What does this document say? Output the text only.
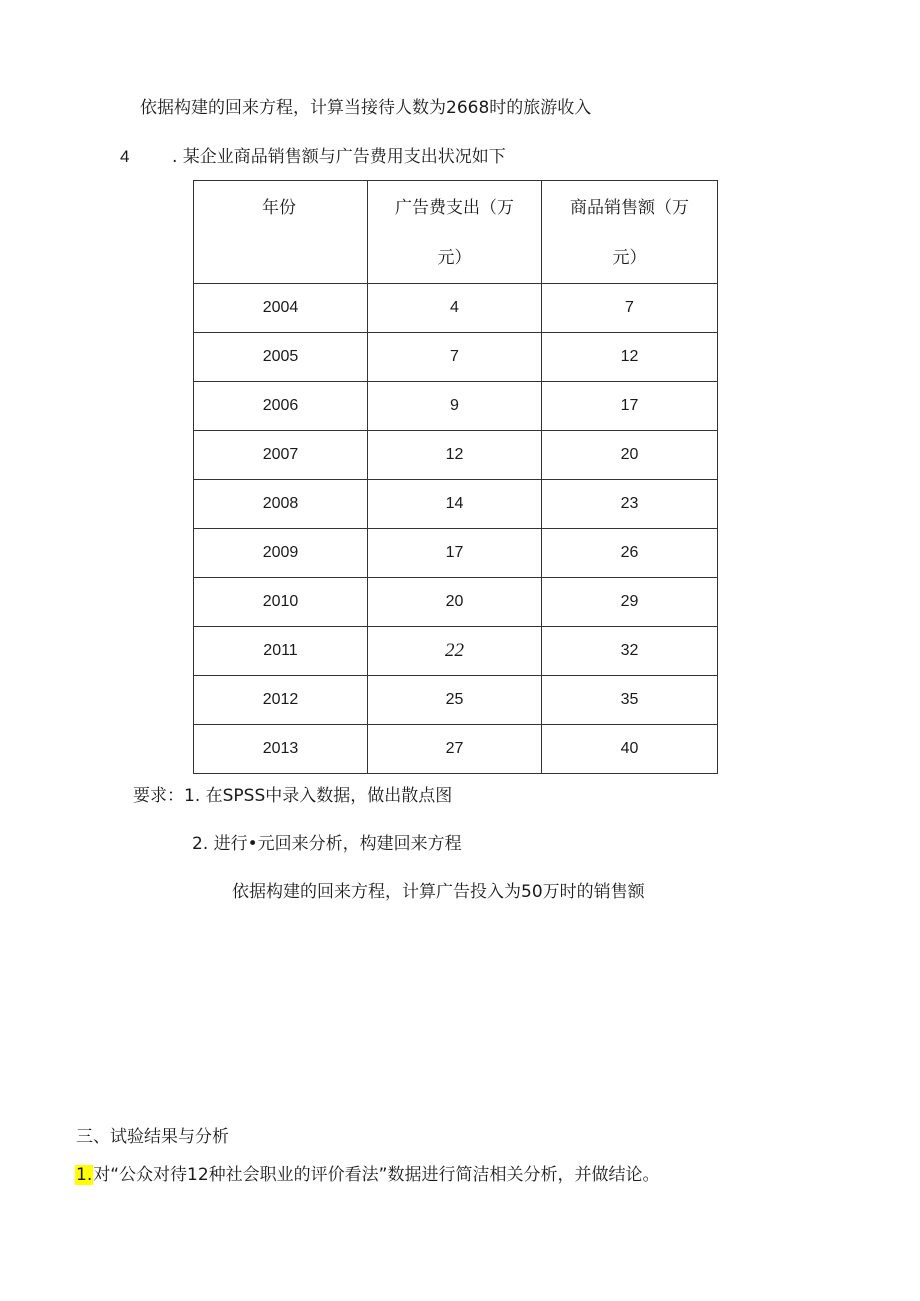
依据构建的回来方程，计算当接待人数为2668时的旅游收入
4	. 某企业商品销售额与广告费用支出状况如下
年份	广告费支出（万元）	商品销售额（万元）

2004	4	7
2005	7	12
2006	9	17
2007	12	20
2008	14	23
2009	17	26
2010	20	29
2011	22	32
2012	25	35
2013	27	40
要求：1. 在SPSS中录入数据，做出散点图
2. 进行•元回来分析，构建回来方程
依据构建的回来方程，计算广告投入为50万时的销售额
三、试验结果与分析
1.对“公众对待12种社会职业的评价看法”数据进行简洁相关分析，并做结论。
